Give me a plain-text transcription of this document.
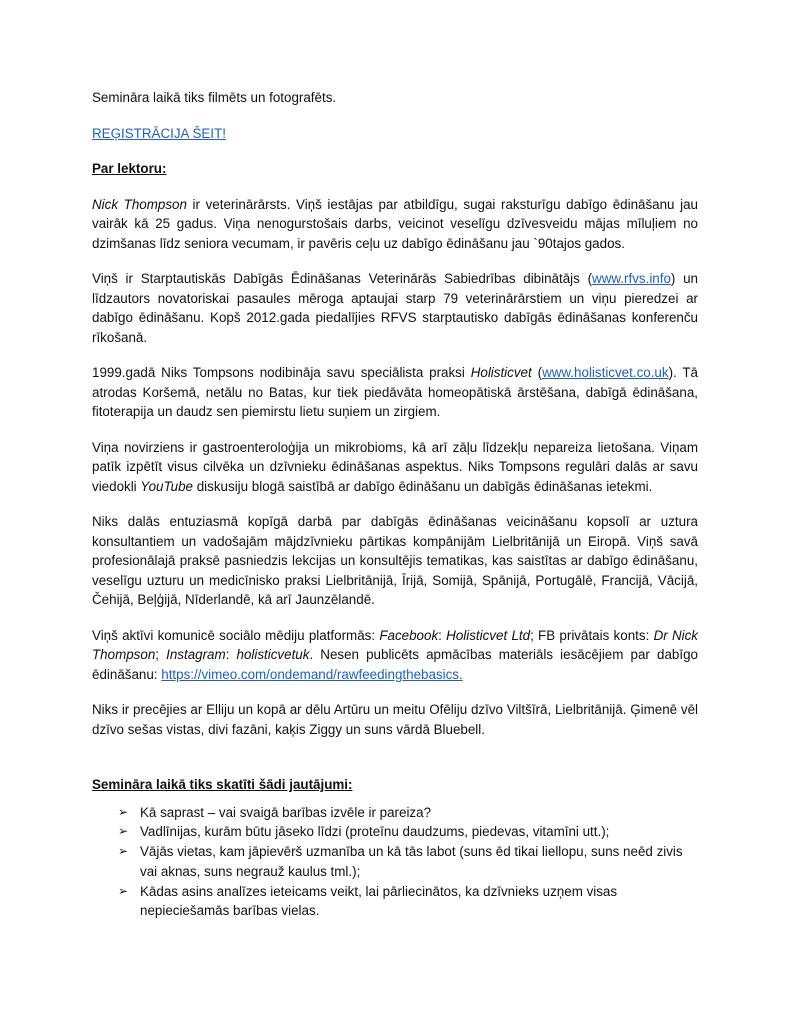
Semināra laikā tiks filmēts un fotografēts.

REĢISTRĀCIJA ŠEIT!

Par lektoru:

Nick Thompson ir veterinārārsts. Viņš iestājas par atbildīgu, sugai raksturīgu dabīgo ēdināšanu jau vairāk kā 25 gadus. Viņa nenogurstošais darbs, veicinot veselīgu dzīvesveidu mājas mīluļiem no dzimšanas līdz seniora vecumam, ir pavēris ceļu uz dabīgo ēdināšanu jau `90tajos gados.

Viņš ir Starptautiskās Dabīgās Ēdināšanas Veterinārās Sabiedrības dibinātājs (www.rfvs.info) un līdzautors novatoriskai pasaules mēroga aptaujai starp 79 veterinārārstiem un viņu pieredzei ar dabīgo ēdināšanu. Kopš 2012.gada piedalījies RFVS starptautisko dabīgās ēdināšanas konferenču rīkošanā.

1999.gadā Niks Tompsons nodibināja savu speciālista praksi Holisticvet (www.holisticvet.co.uk). Tā atrodas Koršemā, netālu no Batas, kur tiek piedāvāta homeopātiskā ārstēšana, dabīgā ēdināšana, fitoterapija un daudz sen piemirstu lietu suņiem un zirgiem.

Viņa novirziens ir gastroenteroloģija un mikrobioms, kā arī zāļu līdzekļu nepareiza lietošana. Viņam patīk izpētīt visus cilvēka un dzīvnieku ēdināšanas aspektus. Niks Tompsons regulāri dalās ar savu viedokli YouTube diskusiju blogā saistībā ar dabīgo ēdināšanu un dabīgās ēdināšanas ietekmi.

Niks dalās entuziasmā kopīgā darbā par dabīgās ēdināšanas veicināšanu kopsolī ar uztura konsultantiem un vadošajām mājdzīvnieku pārtikas kompānijām Lielbritānijā un Eiropā. Viņš savā profesionālajā praksē pasniedzis lekcijas un konsultējis tematikas, kas saistītas ar dabīgo ēdināšanu, veselīgu uzturu un medicīnisko praksi Lielbritānijā, Īrijā, Somijā, Spānijā, Portugālē, Francijā, Vācijā, Čehijā, Beļģijā, Nīderlandē, kā arī Jaunzēlandē.

Viņš aktīvi komunicē sociālo mēdiju platformās: Facebook: Holisticvet Ltd; FB privātais konts: Dr Nick Thompson; Instagram: holisticvetuk. Nesen publicēts apmācības materiāls iesācējiem par dabīgo ēdināšanu: https://vimeo.com/ondemand/rawfeedingthebasics.

Niks ir precējies ar Elliju un kopā ar dēlu Artūru un meitu Ofēliju dzīvo Viltšīrā, Lielbritānijā. Ģimenē vēl dzīvo sešas vistas, divi fazāni, kaķis Ziggy un suns vārdā Bluebell.

Semināra laikā tiks skatīti šādi jautājumi:

➢ Kā saprast – vai svaigā barības izvēle ir pareiza?
➢ Vadlīnijas, kurām būtu jāseko līdzi (proteīnu daudzums, piedevas, vitamīni utt.);
➢ Vājās vietas, kam jāpievērš uzmanība un kā tās labot (suns ēd tikai liellopu, suns neēd zivis vai aknas, suns negrauž kaulus tml.);
➢ Kādas asins analīzes ieteicams veikt, lai pārliecinātos, ka dzīvnieks uzņem visas nepieciešamās barības vielas.
